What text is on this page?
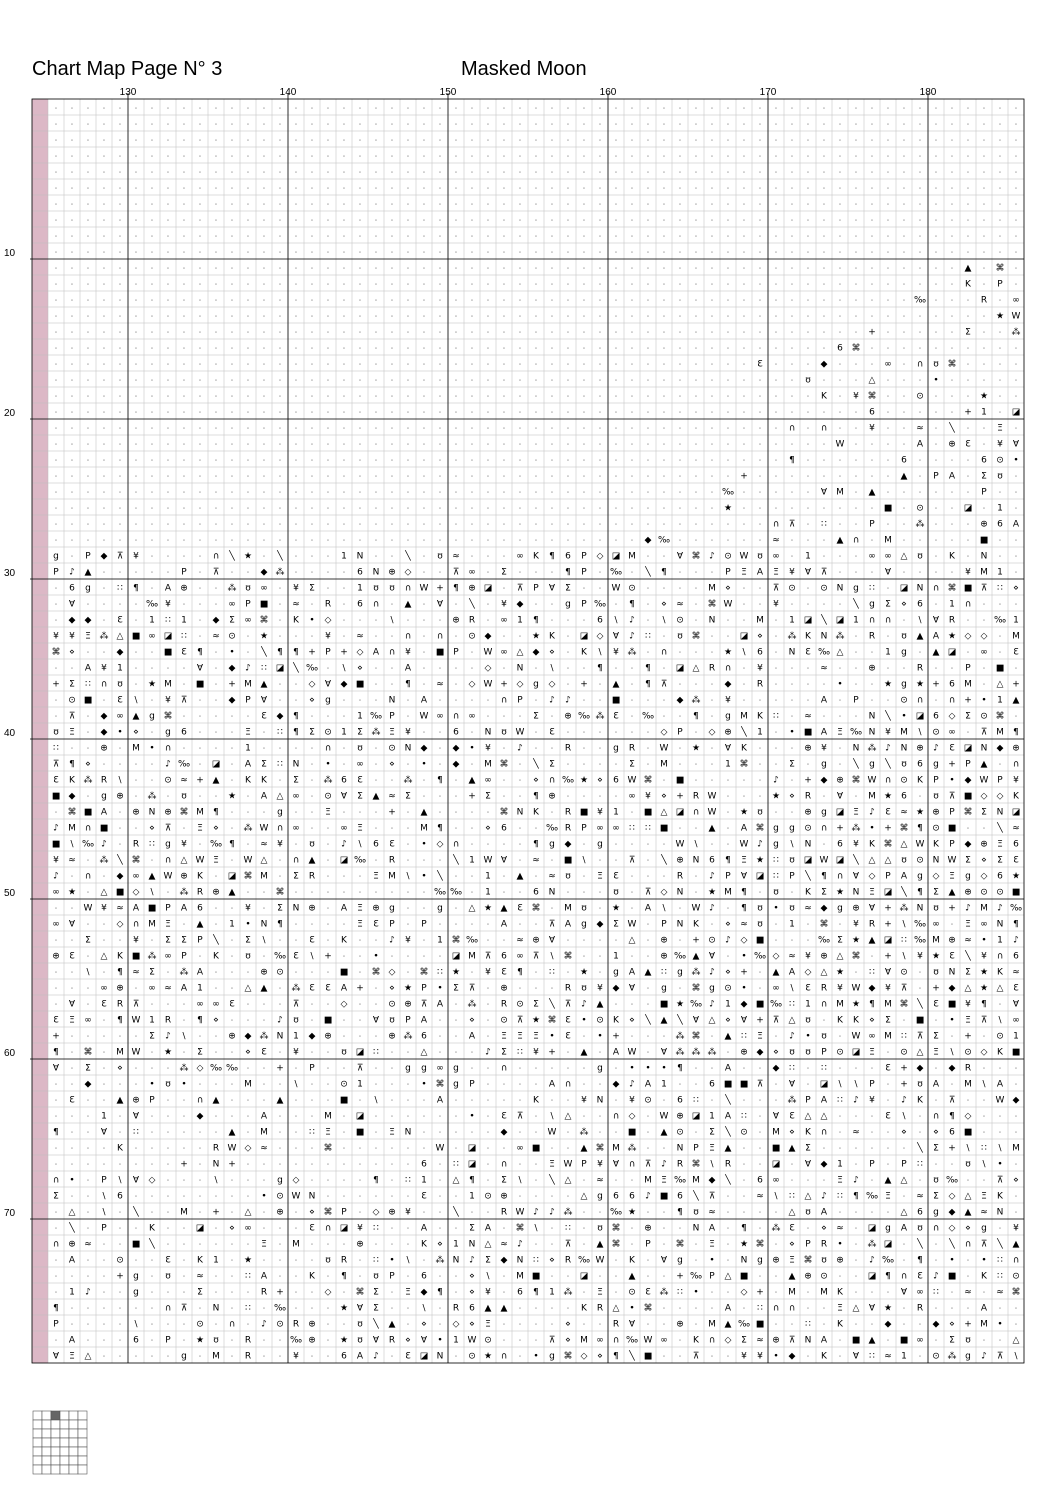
Chart Map Page N° 3	Masked Moon
· · · · · · · · · · · · · · · · · · · · · · · · · · · · · · · · · · · · · · · · · · · · · · · · · · · · · · · · · · · · ·
· · · · · · · · · · · · · · · · · · · · · · · · · · · · · · · · · · · · · · · · · · · · · · · · · · · · · · · · · · · · ·
· · · · · · · · · · · · · · · · · · · · · · · · · · · · · · · · · · · · · · · · · · · · · · · · · · · · · · · · · · · · ·
· · · · · · · · · · · · · · · · · · · · · · · · · · · · · · · · · · · · · · · · · · · · · · · · · · · · · · · · · · · · ·
· · · · · · · · · · · · · · · · · · · · · · · · · · · · · · · · · · · · · · · · · · · · · · · · · · · · · · · · · · · · ·
· · · · · · · · · · · · · · · · · · · · · · · · · · · · · · · · · · · · · · · · · · · · · · · · · · · · · · · · · · · · ·
· · · · · · · · · · · · · · · · · · · · · · · · · · · · · · · · · · · · · · · · · · · · · · · · · · · · · · · · · · · · ·
· · · · · · · · · · · · · · · · · · · · · · · · · · · · · · · · · · · · · · · · · · · · · · · · · · · · · · · · · · · · ·
· · · · · · · · · · · · · · · · · · · · · · · · · · · · · · · · · · · · · · · · · · · · · · · · · · · · · · · · · · · · ·
· · · · · · · · · · · · · · · · · · · · · · · · · · · · · · · · · · · · · · · · · · · · · · · · · · · · · · · · · · · · ·
· · · · · · · · · · · · · · · · · · · · · · · · · · · · · · · · · · · · · · · · · · · · · · · · · · · · · · · · · ▲ · ⌘ ·
· · · · · · · · · · · · · · · · · · · · · · · · · · · · · · · · · · · · · · · · · · · · · · · · · · · · · · · · · K · P ·
· · · · · · · · · · · · · · · · · · · · · · · · · · · · · · · · · · · · · · · · · · · · · · · · · · · · · · ‰ · · · R · ∞
· · · · · · · · · · · · · · · · · · · · · · · · · · · · · · · · · · · · · · · · · · · · · · · · · · · · · · · · · · · ★ W
· · · · · · · · · · · · · · · · · · · · · · · · · · · · · · · · · · · · · · · · · · · · · · · · · · · + · · · · · Σ · · ⁂
· · · · · · · · · · · · · · · · · · · · · · · · · · · · · · · · · · · · · · · · · · · · · · · · · 6 ⌘ · · · · · · · · · ·
· · · · · · · · · · · · · · · · · · · · · · · · · · · · · · · · · · · · · · · · · · · · Ɛ · · · ◆ · · · ∞ · ∩ ʊ ⌘ · · · ·
· · · · · · · · · · · · · · · · · · · · · · · · · · · · · · · · · · · · · · · · · · · · · · · ʊ · · · △ · · · • · · · · ·
· · · · · · · · · · · · · · · · · · · · · · · · · · · · · · · · · · · · · · · · · · · · · · · · K · ¥ ⌘ · · ⊙ · · · ★ · ·
· · · · · · · · · · · · · · · · · · · · · · · · · · · · · · · · · · · · · · · · · · · · · · · · · · · 6 · · · · · + 1 · ◪
· · · · · · · · · · · · · · · · · · · · · · · · · · · · · · · · · · · · · · · · · · · · · · ∩ · ∩ · · ¥ · · ≈ · ╲ · · Ξ ·
· · · · · · · · · · · · · · · · · · · · · · · · · · · · · · · · · · · · · · · · · · · · · · · · · W · · · · A · ⊕ Ɛ · ¥ Ɐ
· · · · · · · · · · · · · · · · · · · · · · · · · · · · · · · · · · · · · · · · · · · · · · ¶ · · · · · · 6 · · · · 6 ⊙ •
· · · · · · · · · · · · · · · · · · · · · · · · · · · · · · · · · · · · · · · · · · · + · · · · · · · · · ▲ · P A · Σ ʊ ·
· · · · · · · · · · · · · · · · · · · · · · · · · · · · · · · · · · · · · · · · · · ‰ · · · · · Ɐ M · ▲ · · · · · · P · ·
· · · · · · · · · · · · · · · · · · · · · · · · · · · · · · · · · · · · · · · · · · ★ · · · · · · · · · ■ · ⊙ · · ◪ · 1 ·
· · · · · · · · · · · · · · · · · · · · · · · · · · · · · · · · · · · · · · · · · · · · · ∩ ⊼ · ∷ · · P · · ⁂ · · · ⊕ 6 A
· · · · · · · · · · · · · · · · · · · · · · · · · · · · · · · · · · · · · ◆ ‰ · · · · · · ≈ · · · ▲ ∩ · M · · · · · ■ · ·
g · P ◆ ⊼ ¥ · · · · ∩ ╲ ★ · ╲ · · · 1 N · · ╲ · ʊ ≈ · · · ∞ K ¶ 6 P ◇ ◪ M · · Ɐ ⌘ ♪ ⊙ W ʊ ∞ · 1 · · · ∞ ∞ △ ʊ · K · N · ·
P ♪ ▲ · · · · · P · ⊼ · · ◆ ⁂ · · · · 6 N ⊕ ◇ · · ⊼ ∞ · Σ · · · ¶ P · ‰ · ╲ ¶ · · · P Ξ A Ξ ¥ Ɐ ⊼ · · · Ɐ · · · · ¥ M 1 ·
· 6 g · ∷ ¶ · A ⊕ · · ⁂ ʊ ∞ · ¥ Σ · · 1 ʊ ʊ ∩ W + ¶ ⊕ ◪ · ⊼ P Ɐ Σ · · W ⊙ · · · · M ⋄ · · ⊼ ⊙ · ⊙ N g ∷ · ◪ N ∩ ⌘ ■ ⊼ ∷ ⋄
· Ɐ · · · · ‰ ¥ · · · ∞ P ■ · ≈ · R · 6 ∩ · ▲ · Ɐ · ╲ · ¥ ◆ · · g P ‰ · ¶ · ⋄ ≈ · ⌘ W · · ¥ · · · · ╲ g Σ ⋄ 6 · 1 ∩ · · ·
· ◆ ◆ · Ɛ · 1 ∷ 1 · ◆ Σ ∞ ⌘ · K • ◇ · · · \ · · · ⊕ R · ∞ 1 ¶ · · · 6 \ ♪ · \ ⊙ · N · · M · 1 ◪ ╲ ◪ 1 ∩ ∩ · \ Ɐ R · · ‰ 1
¥ ¥ Ξ ⁂ △ ■ ∞ ◪ ∷ · ≈ ⊙ · ★ · · · ¥ · ≈ · · ∩ · ∩ · ⊙ ◆ · · ★ K · ◪ ◇ Ɐ ♪ ∷ · ʊ ⌘ · · ◪ ⋄ · ⁂ K N ⁂ · R · ʊ ▲ A ★ ◇ ◇ · M
⌘ ⋄ · · ◆ · · ■ Ɛ ¶ · • · ╲ ¶ ¶ + P + ◇ A ∩ ¥ · ■ P · W ∞ △ ◆ ⋄ · K \ ¥ ⁂ · ∩ · · · ★ \ 6 · N Ɛ ‰ △ · · 1 g · ▲ ◪ · ∞ · Ɛ
· · A ¥ 1 · · · · Ɐ · ◆ ♪ ∷ ◪ ╲ ‰ · \ ⋄ · · A · · · · ◇ · N · \ · · ¶ · · ¶ · ◪ △ R ∩ · ¥ · · · ≈ · · ⊕ · · R · · P · ■ ·
+ Σ ∷ ∩ ʊ · ★ M · ■ · + M ▲ · · ◇ Ɐ ◆ ■ · · ¶ · ≈ · ◇ W + ◇ g ◇ · + · ▲ · ¶ ⊼ · · · ◆ · R · · · · • · · ★ g ★ + 6 M · △ +
· ⊙ ■ · Ɛ \ · ¥ ⊼ · · ◆ P Ɐ · · ⋄ g · · · N · A · · · · ∩ P · ♪ ♪ · · ■ · · · ◆ ⁂ · ¥ · · · · · A · P · · ⊙ ∩ · ∩ + • 1 ▲
· ⊼ · ◆ ∞ ▲ g ⌘ · · · · · Ɛ ◆ ¶ · · · 1 ‰ P · W ∞ ∩ ∞ · · · Σ · ⊕ ‰ ⁂ Ɛ · ‰ · · ¶ · g M K ∷ · ≈ · · · N ╲ • ◪ 6 ◇ Σ ⊙ ⌘ ·
ʊ Ξ · ◆ • ⋄ · g 6 · · · Ξ · ∷ ¶ Σ ⊙ 1 Σ ⁂ Ξ ¥ · · 6 · N ʊ W · Ɛ · · · · · · ◇ P · ◇ ⊕ ╲ 1 · • ■ A Ξ ‰ N ¥ M \ ⊙ ∞ · ⊼ M ¶
∷ · · ⊕ · M • ∩ · · · · 1 · · · · ∩ · ʊ · ⊙ N ◆ · ◆ • ¥ · ♪ · · R · · g R · W · ★ · Ɐ K · · · ⊕ ¥ · N ⁂ ♪ N ⊕ ♪ Ɛ ◪ N ◆ ⊕
⊼ ¶ ⋄ · · · · ♪ ‰ · ◪ · A Σ ∷ N · • · ∞ · ⋄ · • · ◆ · M ⌘ · ╲ Σ · · · · Σ · M · · · 1 ⌘ · · Σ · g · ╲ g ╲ ʊ 6 g + P ▲ · ∩
Ɛ K ⁂ R \ · · ⊙ ≈ + ▲ · K K · Σ · ⁂ 6 Ɛ · · ⁂ · ¶ · ▲ ∞ · · ⋄ ∩ ‰ ★ ⋄ 6 W ⌘ · ■ · · · · · ♪ · + ◆ ⊕ ⌘ W ∩ ⊙ K P • ◆ W P ¥
■ ◆ · g ⊕ · ⁂ · ʊ · · ★ · A △ ∞ · ⊙ Ɐ Σ ▲ ≈ Σ · · · + Σ · · ¶ ⊕ · · · · ∞ ¥ ⋄ + R W · · · ★ ⋄ R · Ɐ · M ★ 6 · ʊ ⊼ ■ ◇ ◇ K
· ⌘ ■ A · ⊕ N ⊕ ⌘ M ¶ · · · g · · Ξ · · · + · ▲ · · · · ⌘ N K · R ■ ¥ 1 · ■ △ ◪ ∩ W · ★ ʊ · · ⊕ g ◪ Ξ ♪ Ɛ ≈ ★ ⊕ P ⌘ Σ N ◪
♪ M ∩ ■ · · ⋄ ⊼ · Ξ ⋄ · ⁂ W ∩ ∞ · · ∞ Ξ · · · M ¶ · · ⋄ 6 · · ‰ R P ∞ ∞ ∷ ∷ ■ · · ▲ · A ⌘ g g ⊙ ∩ + ⁂ • + ⌘ ¶ ⊙ ■ · · ╲ ≈
■ \ ‰ ♪ · R ∷ g ¥ · ‰ ¶ · ≈ ¥ · ʊ · ♪ \ 6 Ɛ · • ◇ ∩ · · · · ¶ g ◆ · g · · · · W \ · · W ♪ g \ N · 6 ¥ K ⌘ △ W K P ◆ ⊕ Ξ 6
¥ ≈ · ⁂ ╲ ⌘ · ∩ △ W Ξ · W △ · ∩ ▲ · ◪ ‰ · R · · · ╲ 1 W Ɐ · ≈ · ■ \ · · ⊼ · ╲ ⊕ N 6 ¶ Ξ ★ ∷ ʊ ◪ W ◪ ╲ △ △ ʊ ⊙ N W Σ ⋄ Σ Ɛ
♪ · ∩ · ◆ ∞ ▲ W ⊕ K · ◪ ⌘ M · Σ R · · · Ξ M \ • ╲ · · 1 · ▲ · ≈ ʊ · Ξ Ɛ · · · R · ♪ P Ɐ ◪ ∷ P ╲ ¶ ∩ Ɐ ◇ P A g ◇ Ξ g ◇ 6 ★
∞ ★ · △ ■ ◇ \ · ⁂ R ⊕ ▲ · · ⌘ · · · · · · · · · ‰ ‰ · 1 · · 6 N · · · ʊ · ⊼ ◇ N · ★ M ¶ · ʊ · K Σ ★ N Ξ ◪ ╲ ¶ Σ ▲ ⊕ ⊙ ⊙ ■
· · W ¥ ≈ A ■ P A 6 · · ¥ · Σ N ⊕ · A Ξ ⊕ g · · g · △ ★ ▲ Ɛ ⌘ · M ʊ · ★ · A \ · W ♪ · ¶ ʊ • ʊ ≈ ◆ g ⊕ Ɐ + ⁂ N ʊ + ♪ M ♪ ‰
∞ Ɐ · · ◇ ∩ M Ξ · ▲ · 1 • N ¶ · · · · Ξ Ɛ P · P · · · · A · · ⊼ A g ◆ Σ W · P N K · ⋄ ≈ ʊ · 1 · ⌘ · ¥ R + \ ‰ ∞ · Ξ ∞ N ¶
· · Σ · · ¥ · Σ Σ P ╲ · Σ \ · · Ɛ · K · · ♪ ¥ · 1 ⌘ ‰ · · ≈ ⊕ Ɐ · · · · △ · ⊕ · + ⊙ ♪ ◇ ■ · · · ‰ Σ ★ ▲ ◪ ∷ ‰ M ⊕ ≈ • 1 ♪
⊕ Ɛ · △ K ■ ⁂ ∞ P · K · ʊ · ‰ Ɛ \ + · · • · · · · ◪ M ⊼ 6 ∞ ⊼ \ ⌘ · · 1 · · ⊕ ‰ ▲ Ɐ · • ‰ ◇ ≈ ¥ ⊕ △ ⌘ · + \ ¥ ★ Ɛ ╲ ¥ ∩ 6
· · \ · ¶ ≈ Σ · ⁂ A · · · ⊕ ⊙ · · · ■ · ⌘ ◇ · ⌘ ∷ ★ · ¥ Ɛ ¶ · ∷ · ★ · g A ▲ ∷ g ⁂ ♪ ⋄ + · ▲ A ◇ △ ★ · ∷ Ɐ ⊙ · ʊ N Σ ★ K ≈
· · · ∞ ⊕ · ∞ ≈ A 1 · · △ ▲ · ⁂ Ɛ Ɛ A + · ⋄ ★ P • Σ ⊼ · ⊕ · · · R ʊ ¥ ◆ Ɐ · g · ⌘ g ⊙ • · ∞ \ Ɛ R ¥ W ◆ ¥ ⊼ · + ◆ △ ★ △ Ɛ
· Ɐ · Ɛ R ⊼ · · · ∞ ∞ Ɛ · · · ⊼ · · ◇ · · ⊙ ⊕ ⊼ A · ⁂ · R ⊙ Σ ╲ ⊼ ♪ ▲ · · · ■ ★ ‰ ♪ 1 ◆ ■ ‰ ∷ 1 ∩ M ★ ¶ M ⌘ ╲ Ɛ ■ ¥ ¶ · Ɐ
Ɛ Ξ ∞ · ¶ W 1 R · ¶ ⋄ · · · ♪ ʊ · ■ · · Ɐ ʊ P A · · ⋄ · ⊙ ⊼ ★ ⌘ Ɛ • ⊙ K ⋄ ╲ ▲ ╲ Ɐ △ ⋄ Ɐ + ⊼ △ ʊ · K K ⋄ Σ · ■ · • Ξ ⊼ \ ∞
+ · · · · · Σ ♪ \ · · ⊕ ◆ ⁂ N 1 ◆ ⊕ · · · ⊕ ⁂ 6 · · A · Ξ Ξ Ξ • Ɛ · • + · · · ⁂ ⌘ · ▲ ∷ Ξ · ♪ • ʊ · W ∞ M ∷ ⊼ Σ · + · ⊙ 1
¶ · ⌘ · M W · ★ · Σ · · ⋄ Ɛ · ¥ · · ʊ ◪ ∷ · · △ · · · ♪ Σ ∷ ¥ + · ▲ · A W · Ɐ ⁂ ⁂ ⁂ · ⊕ ◆ ⋄ ʊ ʊ P ⊙ ◪ Ξ · ⊙ △ Ξ \ ⊙ ◇ K ■
Ɐ · Σ · ⋄ · · · ⁂ ◇ ‰ ‰ · · + · P · · ⊼ · · g g ∞ g · · ∩ · · · · · g · • • • ¶ · · A · · ◆ ∷ · ∷ · · · Ɛ + ◆ · ◆ R · · ·
· · ◆ · · · • ʊ • · · · M · · \ · · ⊙ 1 · · · • ⌘ g P · · · · A ∩ · · ◆ ♪ A 1 · · 6 ■ ■ ⊼ · Ɐ · ◪ \ \ P · + ʊ A · M \ A ·
· Ɛ · · ▲ ⊕ P · · ∩ ▲ · · · ▲ · · · ■ · \ · · · A · · · · · K · · ¥ N · ¥ ⊙ · 6 ∷ · ╲ · · · ⁂ P A ∷ ♪ ¥ · ♪ K · ⊼ · · W ◆
· · · 1 · Ɐ · · · ◆ · · · A · · · M · ◪ · · · · · · • · Ɛ ⊼ · \ △ · · ∩ ◇ · W ⊕ ◪ 1 A ∷ · Ɐ Ɛ △ △ · · · Ɛ \ · ∩ ¶ ◇ · · ·
¶ · · Ɐ · ∷ · · · · · ▲ · M · · ∷ Ξ · ■ · Ξ N · · · · · ◆ · · W · ⁂ · · ■ · ▲ ⊙ · Σ ╲ ⊙ · M ⋄ K ∩ · ≈ · · ⋄ · ⋄ 6 ■ · · ·
· · · · K · · · · · R W ◇ ≈ · · · ⌘ · · · · · · W · ◪ · · ∞ ■ · · ▲ ⌘ M ⁂ · · N P Ξ ▲ · · ■ ▲ Σ · · · · · · ╲ Σ + \ ∷ \ M
· · · · · · · · + · N + · · · · · · · · · · · 6 · ∷ ◪ · ∩ · · Ξ W P ¥ Ɐ ∩ ⊼ ♪ R ⌘ \ R · · ◪ · Ɐ ◆ 1 · P · P ∷ · · ʊ \ • ·
∩ • · P \ Ɐ ◇ · · · \ · · · g ◇ · · · · ¶ · ∷ 1 · △ ¶ · Σ \ · ╲ △ · ≈ · · M Ξ ‰ M ◆ ╲ · 6 ∞ · · · Ξ ♪ · ▲ △ · ʊ ‰ · · ⊼ ⋄
Σ · · \ 6 · · · · · · · · • ⊙ W N · · · · · · Ɛ · · 1 ⊙ ⊕ · · · · △ g 6 6 ♪ ■ 6 ╲ ⊼ · · ≈ \ ∷ △ ♪ ∷ ¶ ‰ Ξ · ≈ Σ ◇ △ Ξ K ·
· △ · \ · ╲ · · M · + · △ · ⊕ · ⋄ ⌘ P · ◇ ⊕ ¥ · · ╲ · · R W ♪ ♪ ⁂ · · ‰ ★ · · ¶ ʊ ≈ · · · · △ ʊ A · · · · △ 6 g ◆ ▲ ≈ N ·
· ╲ · P · · K · · ◪ · ⋄ ∞ · · · Ɛ ∩ ◪ ¥ ∷ · · A · · Σ A · ⌘ \ · ∷ · ʊ ⌘ · ⊕ · · N A · ¶ · ⁂ Ɛ · ⋄ ≈ · ◪ g A ʊ ∩ ◇ ⋄ g · ¥
∩ ⊕ ≈ · · ■ ╲ · · · · · · Ξ · M · · · ⊕ · · · K ⋄ 1 N △ ≈ ♪ · · ⊼ · ▲ ⌘ · P · ⌘ · Ξ · ★ ⌘ · ⋄ P R • · ⁂ ◪ · ╲ · ╲ ∩ ⊼ ╲ ▲
· A · · ⊙ · · Ɛ · K 1 · ★ · · · · ʊ R · ∷ • \ · ⁂ N ♪ Σ ◆ N ∷ ⋄ R ‰ W · K · Ɐ g · • · N g ⊕ Ξ ⌘ ʊ ⊕ · ♪ ‰ · ¶ · • · • ∷ ∩
· · · · + g · ʊ · ≈ · · ∷ A · · K · ¶ · ʊ P · 6 · · ⋄ \ · M ■ · · ◪ · · ▲ · · + ‰ P △ ■ · · ▲ ⊕ ⊙ · · ◪ ¶ ∩ Ɛ ♪ ■ · K ∷ ⊙
· 1 ♪ · · g · · · Σ · · · R + · · ◇ · ⌘ Σ · Ξ ◆ ¶ · ⋄ ¥ · 6 ¶ 1 ⁂ · Ξ · ⊙ Ɛ ⁂ ∷ • · · ◇ + · M · M K · · · Ɐ ∞ ∷ · ≈ · ≈ ⌘
¶ · · · · · · ∩ ⊼ · N · ∷ · ‰ · · · ★ Ɐ Σ · · \ · R 6 ▲ ▲ · · · · K R △ • ⌘ · · · · A · ∷ ∩ ∩ · · Ξ △ Ɐ ★ · R · · · A · ·
P · · · · \ · · · ⊙ · ∩ · ♪ ⊙ R ⊕ · · ʊ ╲ ▲ · ⋄ · ◇ ⋄ Ξ · · · · ⋄ · · R Ɐ · · ⊕ · M ▲ ‰ ■ · · ∷ · K · · ◆ · · ◆ ⋄ + M • ·
· A · · · 6 · P · ★ ʊ · R · · ‰ ⊕ · ★ ʊ Ɐ R ⋄ Ɐ • 1 W ⊙ · · · ⊼ ⋄ M ∞ ∩ ‰ W ∞ · K ∩ ◇ Σ ≈ ⊕ ⊼ N A · ■ ▲ · ■ ∞ · Σ ʊ · · △
Ɐ Ξ △ · · · · · g · M · R · · ¥ · · 6 A ♪ · Ɛ ◪ N · ⊙ ★ ∩ · • g ⌘ ◇ ⋄ ¶ ╲ ■ · · ⊼ · · ¥ ¥ • ◆ · K · Ɐ ∷ ≈ 1 · ⊙ ⁂ g ♪ ⊼ \
130	140	150	160	170	180
10
20
30
40
50
60
70
